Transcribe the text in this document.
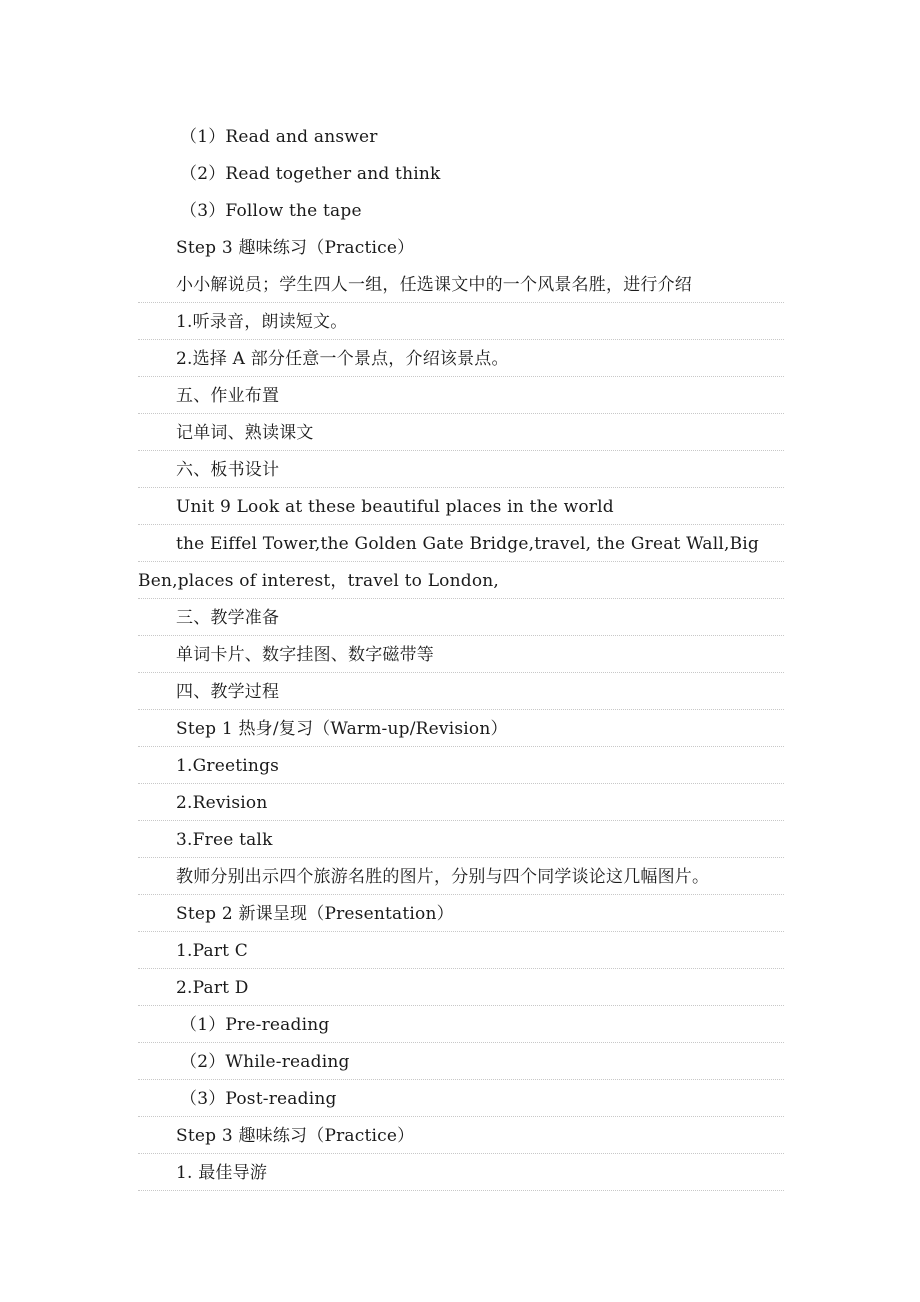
（1）Read and answer
（2）Read together and think
（3）Follow the tape
Step 3 趣味练习（Practice）
小小解说员；学生四人一组，任选课文中的一个风景名胜，进行介绍
1.听录音，朗读短文。
2.选择 A 部分任意一个景点，介绍该景点。
五、作业布置
记单词、熟读课文
六、板书设计
Unit 9 Look at these beautiful places in the world
the Eiffel Tower,the Golden Gate Bridge,travel, the Great Wall,Big
Ben,places of interest，travel to London,
三、教学准备
单词卡片、数字挂图、数字磁带等
四、教学过程
Step 1 热身/复习（Warm-up/Revision）
1.Greetings
2.Revision
3.Free talk
教师分别出示四个旅游名胜的图片，分别与四个同学谈论这几幅图片。
Step 2 新课呈现（Presentation）
1.Part C
2.Part D
（1）Pre-reading
（2）While-reading
（3）Post-reading
Step 3 趣味练习（Practice）
1. 最佳导游
